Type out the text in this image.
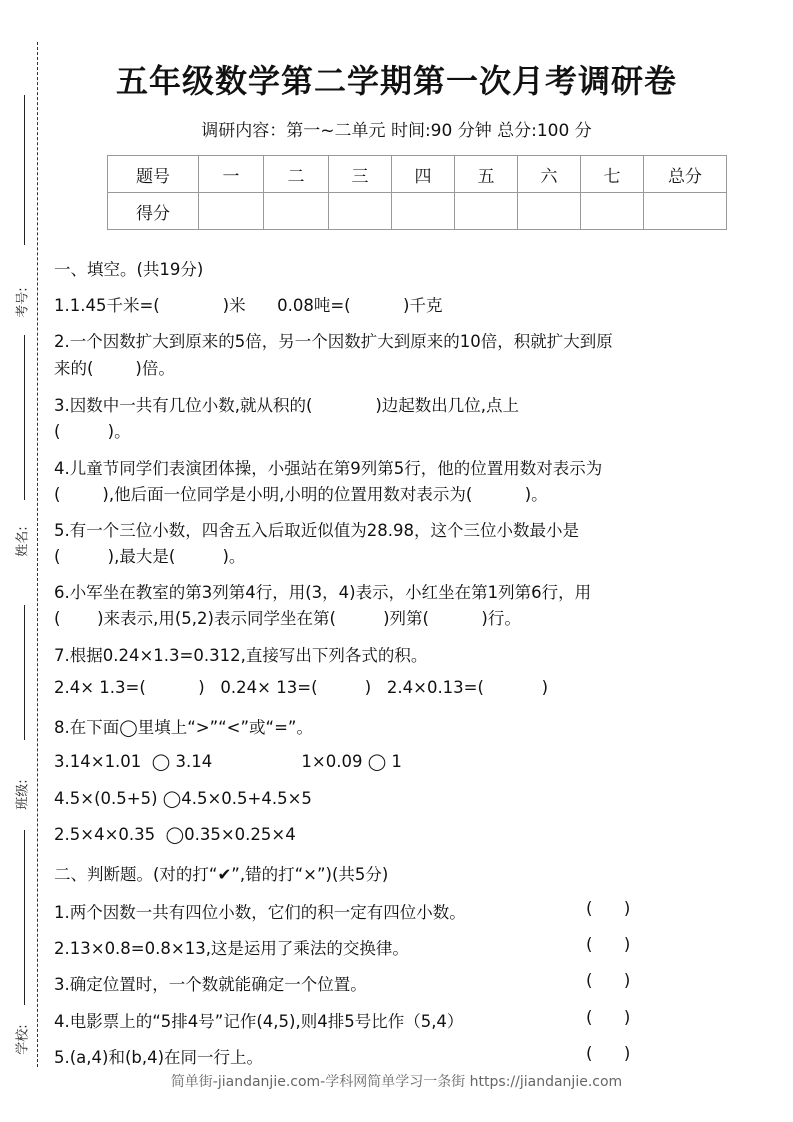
考号:
姓名:
班级:
学校:
五年级数学第二学期第一次月考调研卷
调研内容：第一~二单元 时间:90 分钟 总分:100 分
题号	一	二	三	四	五	六	七	总分
得分								
一、填空。(共19分)
1.1.45千米=(            )米      0.08吨=(          )千克
2.一个因数扩大到原来的5倍，另一个因数扩大到原来的10倍，积就扩大到原
来的(        )倍。
3.因数中一共有几位小数,就从积的(            )边起数出几位,点上
(         )。
4.儿童节同学们表演团体操，小强站在第9列第5行，他的位置用数对表示为
(        ),他后面一位同学是小明,小明的位置用数对表示为(          )。
5.有一个三位小数，四舍五入后取近似值为28.98，这个三位小数最小是
(         ),最大是(         )。
6.小军坐在教室的第3列第4行，用(3，4)表示，小红坐在第1列第6行，用
(       )来表示,用(5,2)表示同学坐在第(         )列第(          )行。
7.根据0.24×1.3=0.312,直接写出下列各式的积。
2.4× 1.3=(          )   0.24× 13=(         )   2.4×0.13=(           )
8.在下面◯里填上“>”“<”或“=”。
3.14×1.01  ◯ 3.14                 1×0.09 ◯ 1
4.5×(0.5+5) ◯4.5×0.5+4.5×5
2.5×4×0.35  ◯0.35×0.25×4
二、判断题。(对的打“✔”,错的打“×”)(共5分)
1.两个因数一共有四位小数，它们的积一定有四位小数。	(      )
2.13×0.8=0.8×13,这是运用了乘法的交换律。	(      )
3.确定位置时，一个数就能确定一个位置。	(      )
4.电影票上的“5排4号”记作(4,5),则4排5号比作（5,4）	(      )
5.(a,4)和(b,4)在同一行上。	(      )
简单街-jiandanjie.com-学科网简单学习一条街 https://jiandanjie.com
